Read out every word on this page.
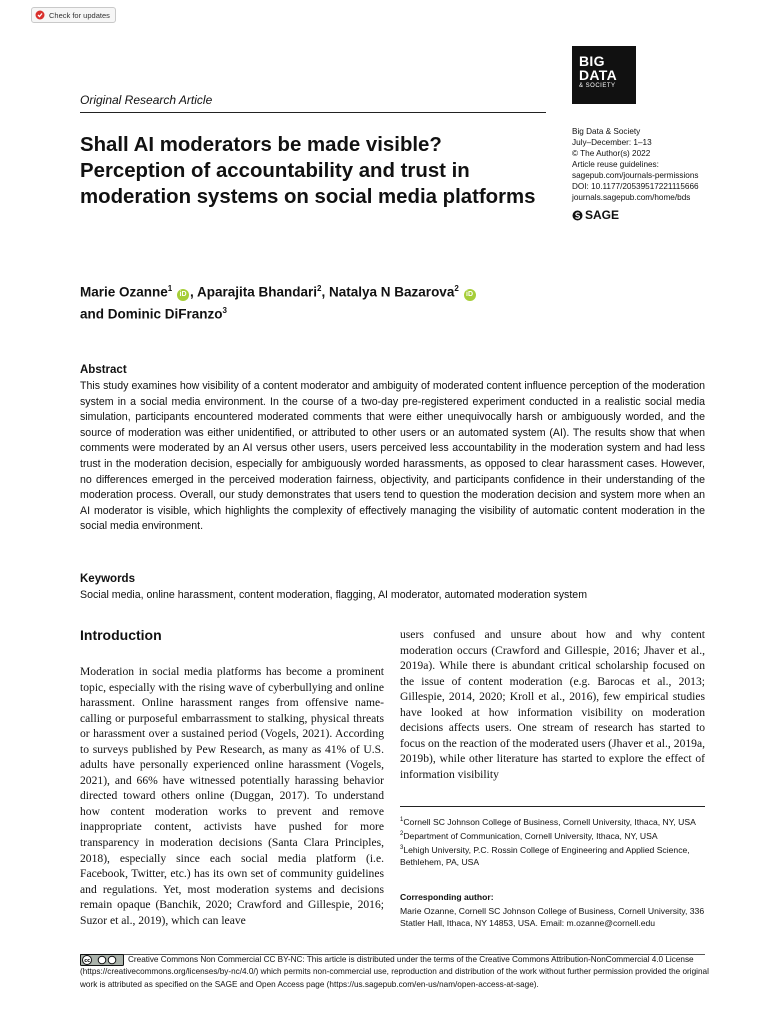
Check for updates
BIG
DATA
& SOCIETY
Original Research Article
Shall AI moderators be made visible? Perception of accountability and trust in moderation systems on social media platforms
Big Data & Society
July–December: 1–13
© The Author(s) 2022
Article reuse guidelines:
sagepub.com/journals-permissions
DOI: 10.1177/20539517221115666
journals.sagepub.com/home/bds
SAGE
Marie Ozanne$^1$ iD , Aparajita Bhandari$^2$, Natalya N Bazarova$^2$ iD
and Dominic DiFranzo$^3$
Abstract

This study examines how visibility of a content moderator and ambiguity of moderated content influence perception of the moderation system in a social media environment. In the course of a two-day pre-registered experiment conducted in a realistic social media simulation, participants encountered moderated comments that were either unequivocally harsh or ambiguously worded, and the source of moderation was either unidentified, or attributed to other users or an automated system (AI). The results show that when comments were moderated by an AI versus other users, users perceived less accountability in the moderation system and had less trust in the moderation decision, especially for ambiguously worded harassments, as opposed to clear harassment cases. However, no differences emerged in the perceived moderation fairness, objectivity, and participants confidence in their understanding of the moderation process. Overall, our study demonstrates that users tend to question the moderation decision and system more when an AI moderator is visible, which highlights the complexity of effectively managing the visibility of automatic content moderation in the social media environment.

Keywords
Social media, online harassment, content moderation, flagging, AI moderator, automated moderation system
Introduction

Moderation in social media platforms has become a prominent topic, especially with the rising wave of cyberbullying and online harassment. Online harassment ranges from offensive name-calling or purposeful embarrassment to stalking, physical threats or harassment over a sustained period (Vogels, 2021). According to surveys published by Pew Research, as many as 41% of U.S. adults have personally experienced online harassment (Vogels, 2021), and 66% have witnessed potentially harassing behavior directed toward others online (Duggan, 2017). To understand how content moderation works to prevent and remove inappropriate content, activists have pushed for more transparency in moderation decisions (Santa Clara Principles, 2018), especially since each social media platform (i.e. Facebook, Twitter, etc.) has its own set of community guidelines and regulations. Yet, most moderation systems and decisions remain opaque (Banchik, 2020; Crawford and Gillespie, 2016; Suzor et al., 2019), which can leave

users confused and unsure about how and why content moderation occurs (Crawford and Gillespie, 2016; Jhaver et al., 2019a). While there is abundant critical scholarship focused on the issue of content moderation (e.g. Barocas et al., 2013; Gillespie, 2014, 2020; Kroll et al., 2016), few empirical studies have looked at how information visibility on moderation decisions affects users. One stream of research has started to focus on the reaction of the moderated users (Jhaver et al., 2019a, 2019b), while other literature has started to explore the effect of information visibility

$^1$Cornell SC Johnson College of Business, Cornell University, Ithaca, NY, USA

$^2$Department of Communication, Cornell University, Ithaca, NY, USA

$^3$Lehigh University, P.C. Rossin College of Engineering and Applied Science, Bethlehem, PA, USA

Corresponding author:

Marie Ozanne, Cornell SC Johnson College of Business, Cornell University, 336 Statler Hall, Ithaca, NY 14853, USA. Email: m.ozanne@cornell.edu

cc	Creative Commons Non Commercial CC BY-NC: This article is distributed under the terms of the Creative Commons Attribution-NonCommercial 4.0 License (https://creativecommons.org/licenses/by-nc/4.0/) which permits non-commercial use, reproduction and distribution of the work without further permission provided the original work is attributed as specified on the SAGE and Open Access page (https://us.sagepub.com/en-us/nam/open-access-at-sage).
